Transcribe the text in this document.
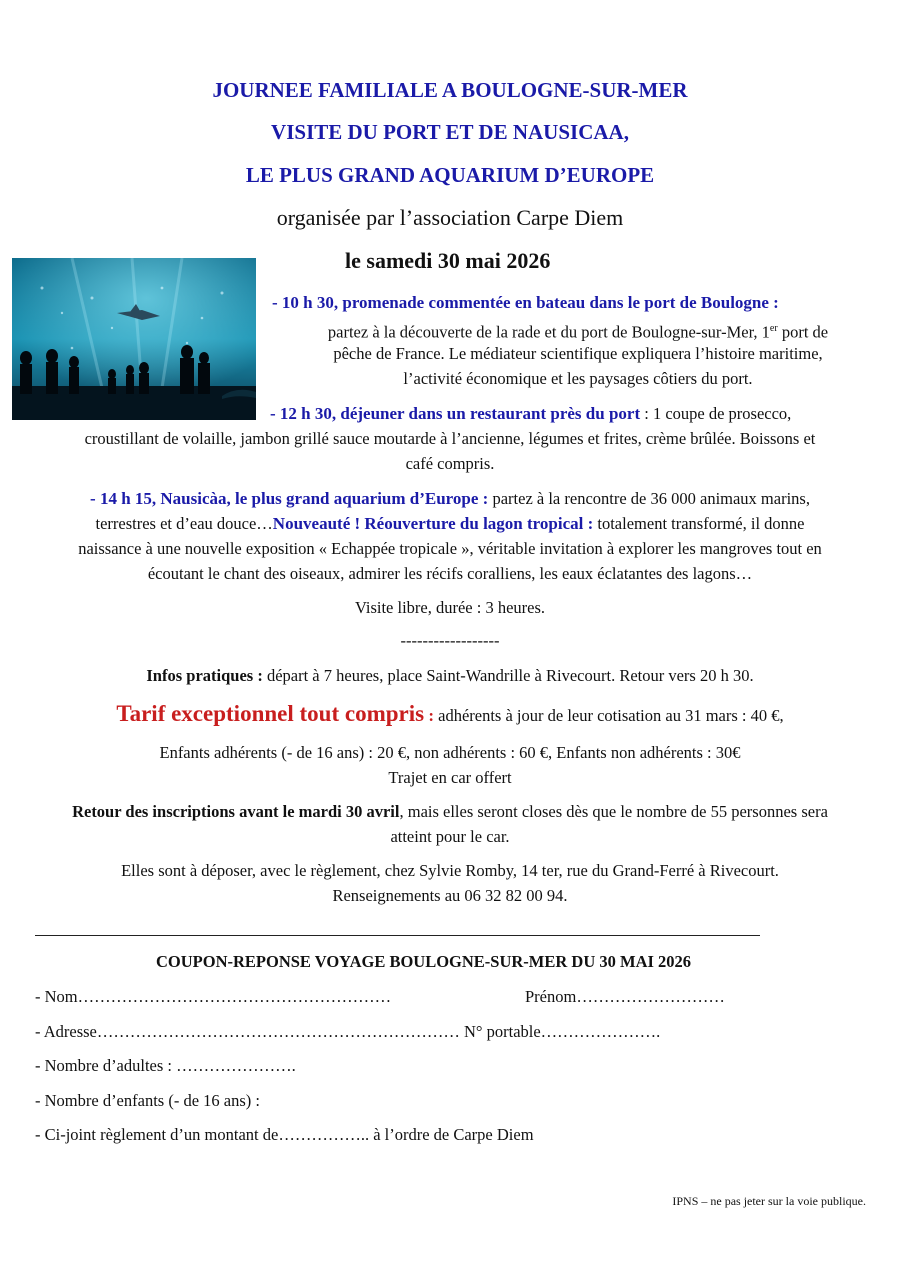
JOURNEE FAMILIALE A BOULOGNE-SUR-MER
VISITE DU PORT ET DE NAUSICAA,
LE PLUS GRAND AQUARIUM D’EUROPE
organisée par l’association Carpe Diem
le samedi 30 mai 2026
- 10 h 30, promenade commentée en bateau dans le port de Boulogne :
partez à la découverte de la rade et du port de Boulogne-sur-Mer, 1er port de
pêche de France. Le médiateur scientifique expliquera l’histoire maritime,
l’activité économique et les paysages côtiers du port.
- 12 h 30, déjeuner dans un restaurant près du port : 1 coupe de prosecco,
croustillant de volaille, jambon grillé sauce moutarde à l’ancienne, légumes et frites, crème brûlée. Boissons et
café compris.
- 14 h 15, Nausicàa, le plus grand aquarium d’Europe : partez à la rencontre de 36 000 animaux marins,
terrestres et d’eau douce…Nouveauté ! Réouverture du lagon tropical : totalement transformé, il donne
naissance à une nouvelle exposition « Echappée tropicale », véritable invitation à explorer les mangroves tout en
écoutant le chant des oiseaux, admirer les récifs coralliens, les eaux éclatantes des lagons…
Visite libre, durée : 3 heures.
------------------
Infos pratiques : départ à 7 heures, place Saint-Wandrille à Rivecourt. Retour vers 20 h 30.
Tarif exceptionnel tout compris : adhérents à jour de leur cotisation au 31 mars : 40 €,
Enfants adhérents (- de 16 ans) : 20 €, non adhérents : 60 €, Enfants non adhérents : 30€
Trajet en car offert
Retour des inscriptions avant le mardi 30 avril, mais elles seront closes dès que le nombre de 55 personnes sera
atteint pour le car.
Elles sont à déposer, avec le règlement, chez Sylvie Romby, 14 ter, rue du Grand-Ferré à Rivecourt.
Renseignements au 06 32 82 00 94.
COUPON-REPONSE VOYAGE BOULOGNE-SUR-MER DU 30 MAI 2026
- Nom…………………………………………………	Prénom………………………
- Adresse………………………………………………………… N° portable………………….
- Nombre d’adultes : ………………….
- Nombre d’enfants (- de 16 ans) :
- Ci-joint règlement d’un montant de…………….. à l’ordre de Carpe Diem
IPNS – ne pas jeter sur la voie publique.
